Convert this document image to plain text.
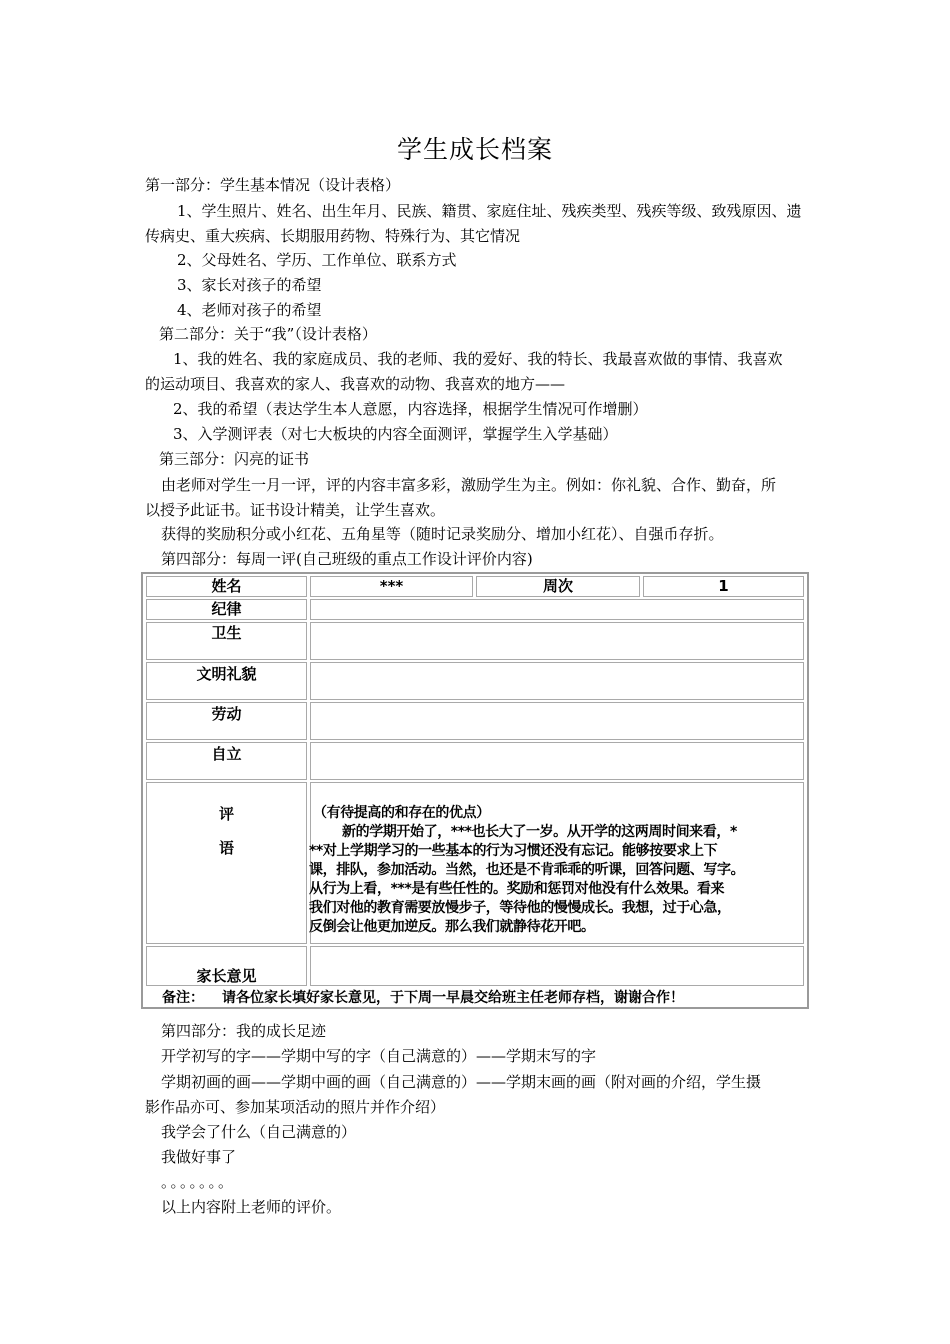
学生成长档案
第一部分：学生基本情况（设计表格）
1、学生照片、姓名、出生年月、民族、籍贯、家庭住址、残疾类型、残疾等级、致残原因、遗
传病史、重大疾病、长期服用药物、特殊行为、其它情况
2、父母姓名、学历、工作单位、联系方式
3、家长对孩子的希望
4、老师对孩子的希望
第二部分：关于“我”（设计表格）
1、我的姓名、我的家庭成员、我的老师、我的爱好、我的特长、我最喜欢做的事情、我喜欢
的运动项目、我喜欢的家人、我喜欢的动物、我喜欢的地方——
2、我的希望（表达学生本人意愿，内容选择，根据学生情况可作增删）
3、入学测评表（对七大板块的内容全面测评，掌握学生入学基础）
第三部分：闪亮的证书
由老师对学生一月一评，评的内容丰富多彩，激励学生为主。例如：你礼貌、合作、勤奋，所
以授予此证书。证书设计精美，让学生喜欢。
获得的奖励积分或小红花、五角星等（随时记录奖励分、增加小红花）、自强币存折。
第四部分：每周一评(自己班级的重点工作设计评价内容)
姓名	***	周次	1
纪律
卫生
文明礼貌
劳动
自立
评
语
（有待提高的和存在的优点）
新的学期开始了，***也长大了一岁。从开学的这两周时间来看，*
**对上学期学习的一些基本的行为习惯还没有忘记。能够按要求上下
课，排队，参加活动。当然，也还是不肯乖乖的听课，回答问题、写字。
从行为上看，***是有些任性的。奖励和惩罚对他没有什么效果。看来
我们对他的教育需要放慢步子，等待他的慢慢成长。我想，过于心急，
反倒会让他更加逆反。那么我们就静待花开吧。
家长意见
备注： 请各位家长填好家长意见，于下周一早晨交给班主任老师存档，谢谢合作！
第四部分：我的成长足迹
开学初写的字——学期中写的字（自己满意的）——学期末写的字
学期初画的画——学期中画的画（自己满意的）——学期末画的画（附对画的介绍，学生摄
影作品亦可、参加某项活动的照片并作介绍）
我学会了什么（自己满意的）
我做好事了
。。。。。。。
以上内容附上老师的评价。
